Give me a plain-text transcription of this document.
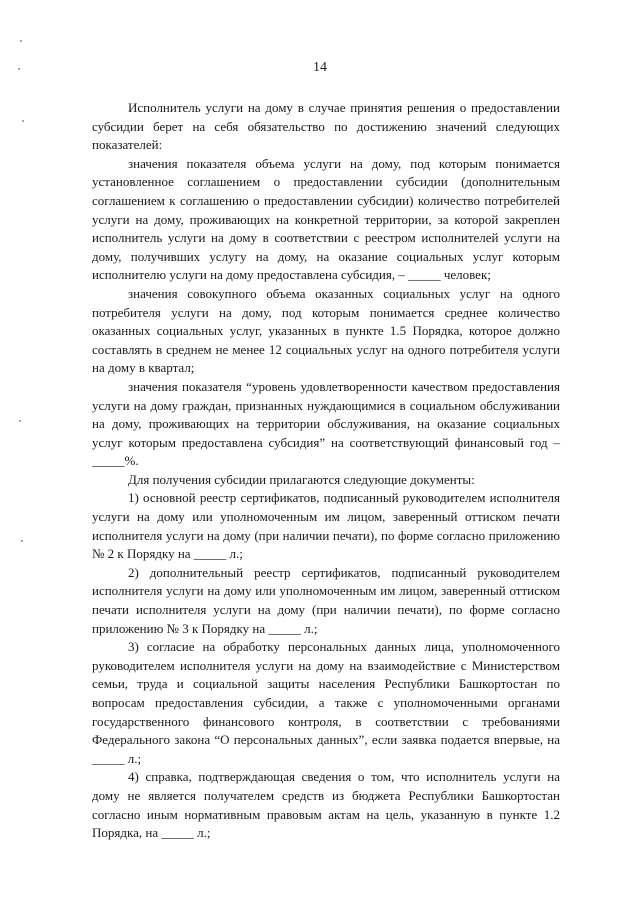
14

Исполнитель услуги на дому в случае принятия решения о предоставлении субсидии берет на себя обязательство по достижению значений следующих показателей:

значения показателя объема услуги на дому, под которым понимается установленное соглашением о предоставлении субсидии (дополнительным соглашением к соглашению о предоставлении субсидии) количество потребителей услуги на дому, проживающих на конкретной территории, за которой закреплен исполнитель услуги на дому в соответствии с реестром исполнителей услуги на дому, получивших услугу на дому, на оказание социальных услуг которым исполнителю услуги на дому предоставлена субсидия, – _____ человек;

значения совокупного объема оказанных социальных услуг на одного потребителя услуги на дому, под которым понимается среднее количество оказанных социальных услуг, указанных в пункте 1.5 Порядка, которое должно составлять в среднем не менее 12 социальных услуг на одного потребителя услуги на дому в квартал;

значения показателя “уровень удовлетворенности качеством предоставления услуги на дому граждан, признанных нуждающимися в социальном обслуживании на дому, проживающих на территории обслуживания, на оказание социальных услуг которым предоставлена субсидия” на соответствующий финансовый год – _____%.

Для получения субсидии прилагаются следующие документы:

1) основной реестр сертификатов, подписанный руководителем исполнителя услуги на дому или уполномоченным им лицом, заверенный оттиском печати исполнителя услуги на дому (при наличии печати), по форме согласно приложению № 2 к Порядку на _____ л.;

2) дополнительный реестр сертификатов, подписанный руководителем исполнителя услуги на дому или уполномоченным им лицом, заверенный оттиском печати исполнителя услуги на дому (при наличии печати), по форме согласно приложению № 3 к Порядку на _____ л.;

3) согласие на обработку персональных данных лица, уполномоченного руководителем исполнителя услуги на дому на взаимодействие с Министерством семьи, труда и социальной защиты населения Республики Башкортостан по вопросам предоставления субсидии, а также с уполномоченными органами государственного финансового контроля, в соответствии с требованиями Федерального закона “О персональных данных”, если заявка подается впервые, на _____ л.;

4) справка, подтверждающая сведения о том, что исполнитель услуги на дому не является получателем средств из бюджета Республики Башкортостан согласно иным нормативным правовым актам на цель, указанную в пункте 1.2 Порядка, на _____ л.;
